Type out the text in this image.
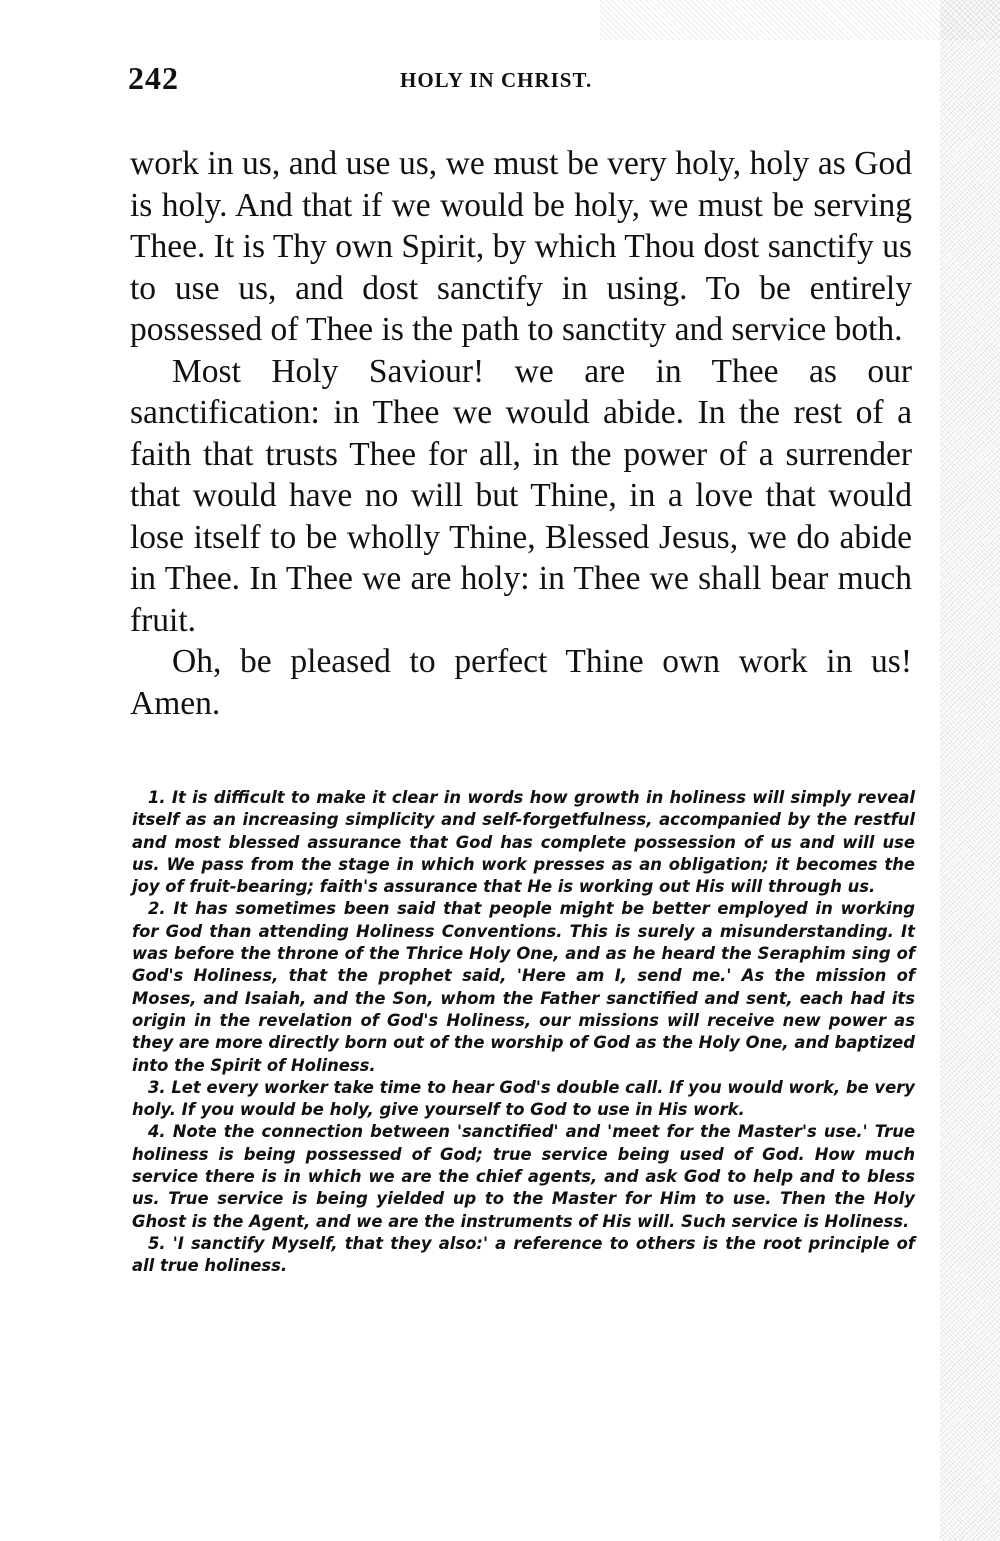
242	HOLY IN CHRIST.

work in us, and use us, we must be very holy, holy as God is holy. And that if we would be holy, we must be serving Thee. It is Thy own Spirit, by which Thou dost sanctify us to use us, and dost sanctify in using. To be entirely possessed of Thee is the path to sanctity and service both.

Most Holy Saviour! we are in Thee as our sanctification: in Thee we would abide. In the rest of a faith that trusts Thee for all, in the power of a surrender that would have no will but Thine, in a love that would lose itself to be wholly Thine, Blessed Jesus, we do abide in Thee. In Thee we are holy: in Thee we shall bear much fruit.

Oh, be pleased to perfect Thine own work in us! Amen.

1. It is difficult to make it clear in words how growth in holiness will simply reveal itself as an increasing simplicity and self-forgetfulness, accompanied by the restful and most blessed assurance that God has complete possession of us and will use us. We pass from the stage in which work presses as an obligation; it becomes the joy of fruit-bearing; faith's assurance that He is working out His will through us.

2. It has sometimes been said that people might be better employed in working for God than attending Holiness Conventions. This is surely a misunderstanding. It was before the throne of the Thrice Holy One, and as he heard the Seraphim sing of God's Holiness, that the prophet said, 'Here am I, send me.' As the mission of Moses, and Isaiah, and the Son, whom the Father sanctified and sent, each had its origin in the revelation of God's Holiness, our missions will receive new power as they are more directly born out of the worship of God as the Holy One, and baptized into the Spirit of Holiness.

3. Let every worker take time to hear God's double call. If you would work, be very holy. If you would be holy, give yourself to God to use in His work.

4. Note the connection between 'sanctified' and 'meet for the Master's use.' True holiness is being possessed of God; true service being used of God. How much service there is in which we are the chief agents, and ask God to help and to bless us. True service is being yielded up to the Master for Him to use. Then the Holy Ghost is the Agent, and we are the instruments of His will. Such service is Holiness.

5. 'I sanctify Myself, that they also:' a reference to others is the root principle of all true holiness.
